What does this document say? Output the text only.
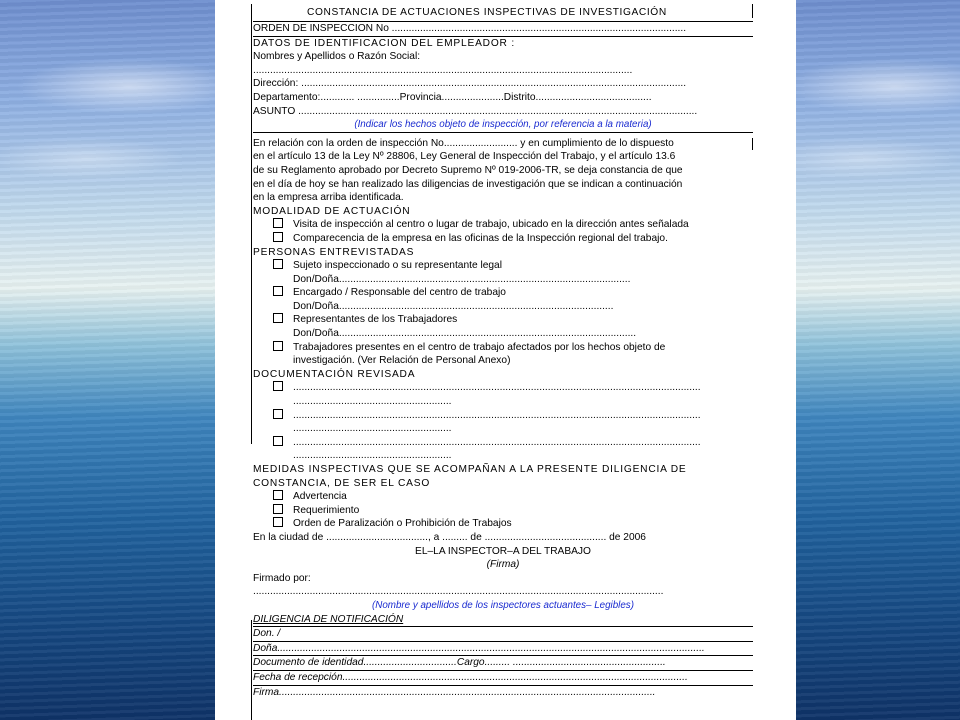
CONSTANCIA DE ACTUACIONES INSPECTIVAS DE INVESTIGACIÓN
ORDEN DE INSPECCION No ........................................................................................................
DATOS DE IDENTIFICACION DEL EMPLEADOR :
Nombres y Apellidos o Razón Social:
......................................................................................................................................
Dirección: ........................................................................................................................................
Departamento:............ ...............Provincia......................Distrito.........................................
ASUNTO .............................................................................................................................................
(Indicar los hechos objeto de inspección, por referencia a la materia)
En relación con la orden de inspección No.......................... y en cumplimiento de lo dispuesto
en el artículo 13 de la Ley Nº 28806, Ley General de Inspección del Trabajo, y el artículo 13.6
de su Reglamento aprobado por Decreto Supremo Nº 019-2006-TR, se deja constancia de que
en el día de hoy se han realizado las diligencias de investigación que se indican a continuación
en la empresa arriba identificada.
MODALIDAD DE ACTUACIÓN
Visita de inspección al centro o lugar de trabajo, ubicado en la dirección antes señalada
Comparecencia de la empresa en las oficinas de la Inspección regional del trabajo.
PERSONAS ENTREVISTADAS
Sujeto inspeccionado o su representante legal
Don/Doña.......................................................................................................
Encargado / Responsable del centro de trabajo
Don/Doña.................................................................................................
Representantes de los Trabajadores
Don/Doña.........................................................................................................
Trabajadores presentes en el centro de trabajo afectados por los hechos objeto de
investigación. (Ver Relación de Personal Anexo)
DOCUMENTACIÓN REVISADA
................................................................................................................................................
........................................................
................................................................................................................................................
........................................................
................................................................................................................................................
........................................................
MEDIDAS INSPECTIVAS QUE SE ACOMPAÑAN A LA PRESENTE DILIGENCIA DE
CONSTANCIA, DE SER EL CASO
Advertencia
Requerimiento
Orden de Paralización o Prohibición de Trabajos
En la ciudad de ...................................., a ......... de ........................................... de 2006
EL–LA INSPECTOR–A DEL TRABAJO
(Firma)
Firmado por:
.................................................................................................................................................
(Nombre y apellidos de los inspectores actuantes– Legibles)
DILIGENCIA DE NOTIFICACIÓN
Don. /
Doña.......................................................................................................................................................
Documento de identidad.................................Cargo......... ......................................................
Fecha de recepción..........................................................................................................................
Firma.....................................................................................................................................
